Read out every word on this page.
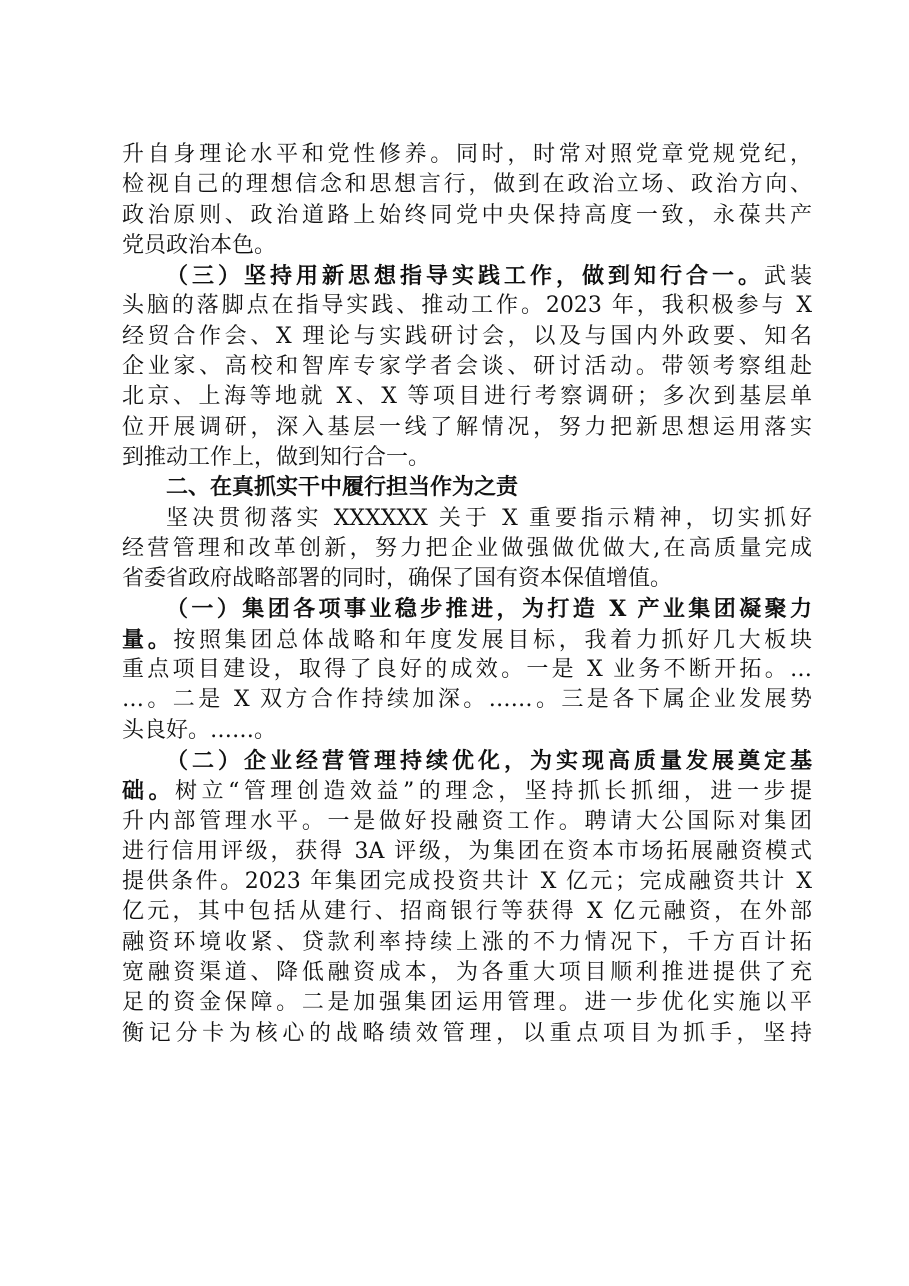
升自身理论水平和党性修养。同时，时常对照党章党规党纪，
检视自己的理想信念和思想言行，做到在政治立场、政治方向、
政治原则、政治道路上始终同党中央保持高度一致，永葆共产
党员政治本色。
（三）坚持用新思想指导实践工作，做到知行合一。武装
头脑的落脚点在指导实践、推动工作。2023 年，我积极参与 X
经贸合作会、X 理论与实践研讨会，以及与国内外政要、知名
企业家、高校和智库专家学者会谈、研讨活动。带领考察组赴
北京、上海等地就 X、X 等项目进行考察调研；多次到基层单
位开展调研，深入基层一线了解情况，努力把新思想运用落实
到推动工作上，做到知行合一。
二、在真抓实干中履行担当作为之责
坚决贯彻落实 XXXXXX 关于 X 重要指示精神，切实抓好
经营管理和改革创新，努力把企业做强做优做大,在高质量完成
省委省政府战略部署的同时，确保了国有资本保值增值。
（一）集团各项事业稳步推进，为打造 X 产业集团凝聚力
量。按照集团总体战略和年度发展目标，我着力抓好几大板块
重点项目建设，取得了良好的成效。一是 X 业务不断开拓。…
…。二是 X 双方合作持续加深。……。三是各下属企业发展势
头良好。……。
（二）企业经营管理持续优化，为实现高质量发展奠定基
础。树立“管理创造效益”的理念，坚持抓长抓细，进一步提
升内部管理水平。一是做好投融资工作。聘请大公国际对集团
进行信用评级，获得 3A 评级，为集团在资本市场拓展融资模式
提供条件。2023 年集团完成投资共计 X 亿元；完成融资共计 X
亿元，其中包括从建行、招商银行等获得 X 亿元融资，在外部
融资环境收紧、贷款利率持续上涨的不力情况下，千方百计拓
宽融资渠道、降低融资成本，为各重大项目顺利推进提供了充
足的资金保障。二是加强集团运用管理。进一步优化实施以平
衡记分卡为核心的战略绩效管理，以重点项目为抓手，坚持
